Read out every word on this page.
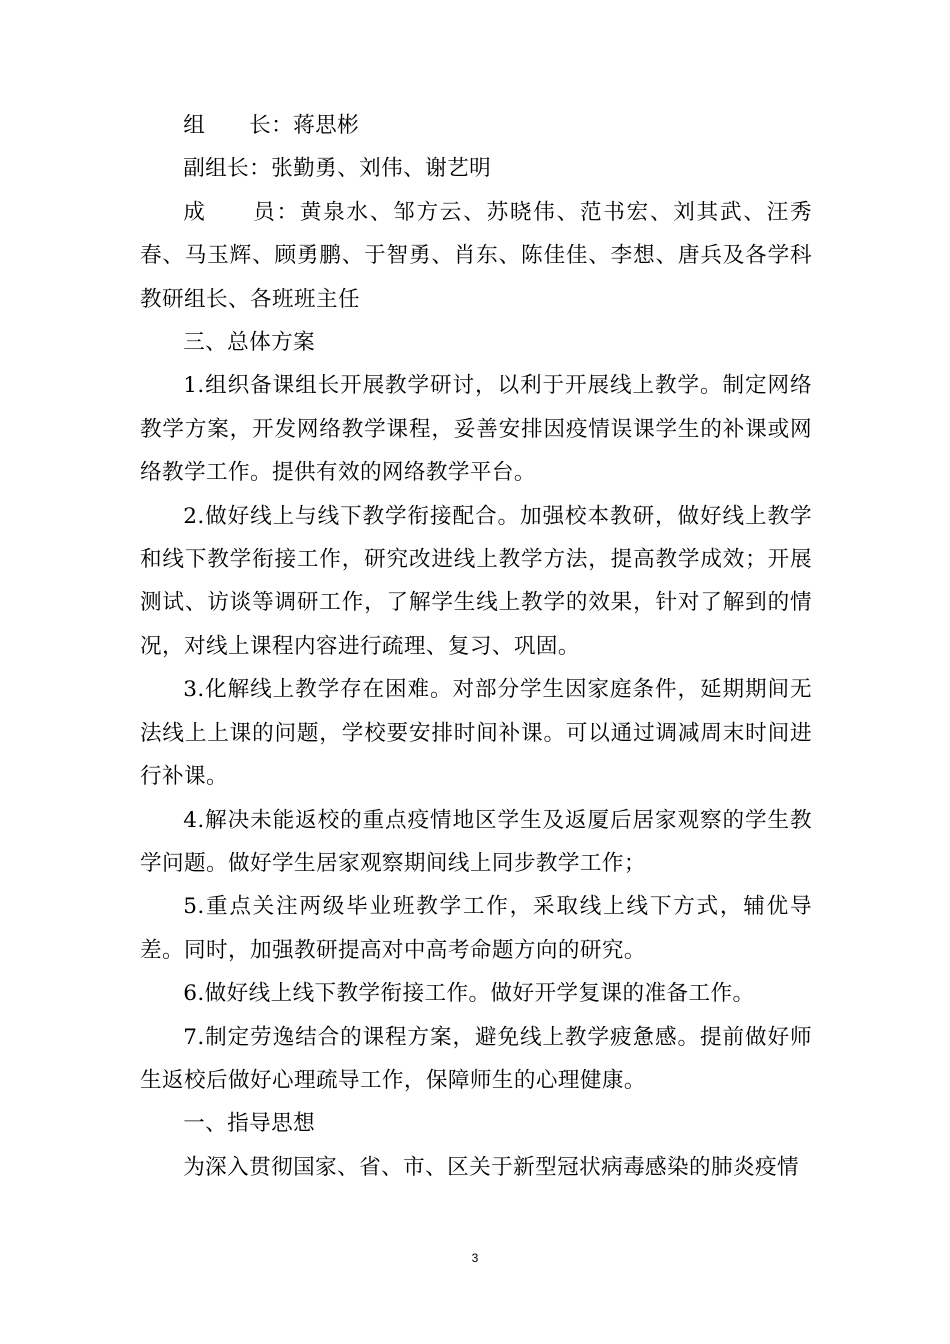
组　　长：蒋思彬

副组长：张勤勇、刘伟、谢艺明

成　　员：黄泉水、邹方云、苏晓伟、范书宏、刘其武、汪秀春、马玉辉、顾勇鹏、于智勇、肖东、陈佳佳、李想、唐兵及各学科教研组长、各班班主任

三、总体方案

1.组织备课组长开展教学研讨，以利于开展线上教学。制定网络教学方案，开发网络教学课程，妥善安排因疫情误课学生的补课或网络教学工作。提供有效的网络教学平台。

2.做好线上与线下教学衔接配合。加强校本教研，做好线上教学和线下教学衔接工作，研究改进线上教学方法，提高教学成效；开展测试、访谈等调研工作，了解学生线上教学的效果，针对了解到的情况，对线上课程内容进行疏理、复习、巩固。

3.化解线上教学存在困难。对部分学生因家庭条件，延期期间无法线上上课的问题，学校要安排时间补课。可以通过调减周末时间进行补课。

4.解决未能返校的重点疫情地区学生及返厦后居家观察的学生教学问题。做好学生居家观察期间线上同步教学工作；

5.重点关注两级毕业班教学工作，采取线上线下方式，辅优导差。同时，加强教研提高对中高考命题方向的研究。

6.做好线上线下教学衔接工作。做好开学复课的准备工作。

7.制定劳逸结合的课程方案，避免线上教学疲惫感。提前做好师生返校后做好心理疏导工作，保障师生的心理健康。

一、指导思想

为深入贯彻国家、省、市、区关于新型冠状病毒感染的肺炎疫情

3
